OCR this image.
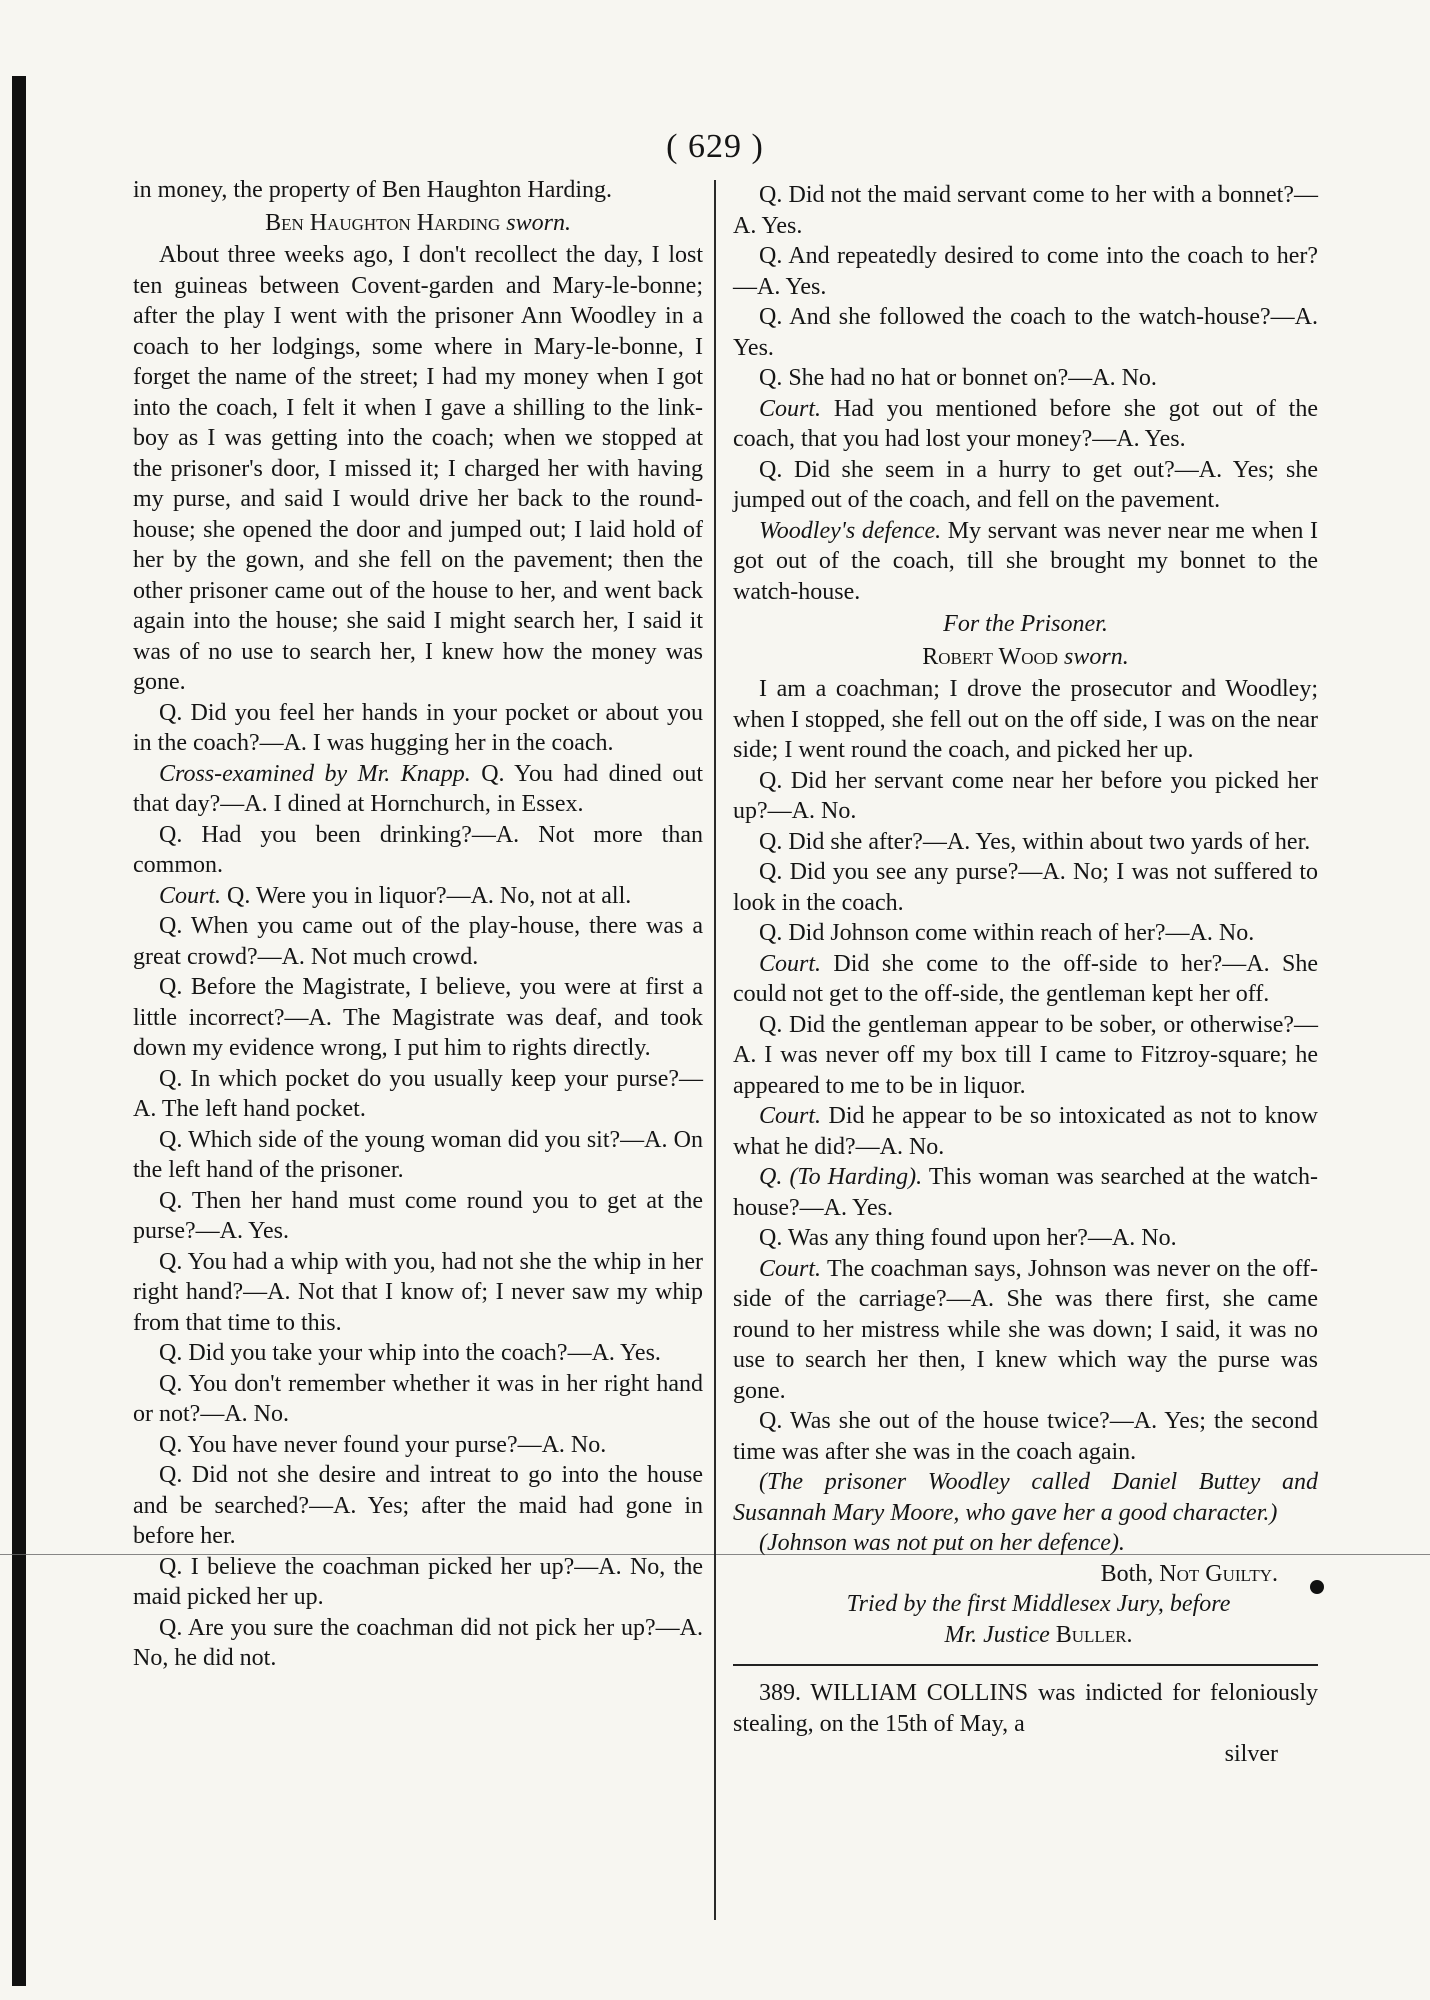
( 629 )

in money, the property of Ben Haughton Harding.

Ben Haughton Harding sworn.

About three weeks ago, I don't recollect the day, I lost ten guineas between Covent-garden and Mary-le-bonne; after the play I went with the prisoner Ann Woodley in a coach to her lodgings, some where in Mary-le-bonne, I forget the name of the street; I had my money when I got into the coach, I felt it when I gave a shilling to the link-boy as I was getting into the coach; when we stopped at the prisoner's door, I missed it; I charged her with having my purse, and said I would drive her back to the round-house; she opened the door and jumped out; I laid hold of her by the gown, and she fell on the pavement; then the other prisoner came out of the house to her, and went back again into the house; she said I might search her, I said it was of no use to search her, I knew how the money was gone.

Q. Did you feel her hands in your pocket or about you in the coach?—A. I was hugging her in the coach.

Cross-examined by Mr. Knapp. Q. You had dined out that day?—A. I dined at Hornchurch, in Essex.

Q. Had you been drinking?—A. Not more than common.

Court. Q. Were you in liquor?—A. No, not at all.

Q. When you came out of the play-house, there was a great crowd?—A. Not much crowd.

Q. Before the Magistrate, I believe, you were at first a little incorrect?—A. The Magistrate was deaf, and took down my evidence wrong, I put him to rights directly.

Q. In which pocket do you usually keep your purse?—A. The left hand pocket.

Q. Which side of the young woman did you sit?—A. On the left hand of the prisoner.

Q. Then her hand must come round you to get at the purse?—A. Yes.

Q. You had a whip with you, had not she the whip in her right hand?—A. Not that I know of; I never saw my whip from that time to this.

Q. Did you take your whip into the coach?—A. Yes.

Q. You don't remember whether it was in her right hand or not?—A. No.

Q. You have never found your purse?—A. No.

Q. Did not she desire and intreat to go into the house and be searched?—A. Yes; after the maid had gone in before her.

Q. I believe the coachman picked her up?—A. No, the maid picked her up.

Q. Are you sure the coachman did not pick her up?—A. No, he did not.

Q. Did not the maid servant come to her with a bonnet?—A. Yes.

Q. And repeatedly desired to come into the coach to her?—A. Yes.

Q. And she followed the coach to the watch-house?—A. Yes.

Q. She had no hat or bonnet on?—A. No.

Court. Had you mentioned before she got out of the coach, that you had lost your money?—A. Yes.

Q. Did she seem in a hurry to get out?—A. Yes; she jumped out of the coach, and fell on the pavement.

Woodley's defence. My servant was never near me when I got out of the coach, till she brought my bonnet to the watch-house.

For the Prisoner.

Robert Wood sworn.

I am a coachman; I drove the prosecutor and Woodley; when I stopped, she fell out on the off side, I was on the near side; I went round the coach, and picked her up.

Q. Did her servant come near her before you picked her up?—A. No.

Q. Did she after?—A. Yes, within about two yards of her.

Q. Did you see any purse?—A. No; I was not suffered to look in the coach.

Q. Did Johnson come within reach of her?—A. No.

Court. Did she come to the off-side to her?—A. She could not get to the off-side, the gentleman kept her off.

Q. Did the gentleman appear to be sober, or otherwise?—A. I was never off my box till I came to Fitzroy-square; he appeared to me to be in liquor.

Court. Did he appear to be so intoxicated as not to know what he did?—A. No.

Q. (To Harding). This woman was searched at the watch-house?—A. Yes.

Q. Was any thing found upon her?—A. No.

Court. The coachman says, Johnson was never on the off-side of the carriage?—A. She was there first, she came round to her mistress while she was down; I said, it was no use to search her then, I knew which way the purse was gone.

Q. Was she out of the house twice?—A. Yes; the second time was after she was in the coach again.

(The prisoner Woodley called Daniel Buttey and Susannah Mary Moore, who gave her a good character.)

(Johnson was not put on her defence).

Both, Not Guilty.

Tried by the first Middlesex Jury, before

Mr. Justice Buller.

389. WILLIAM COLLINS was indicted for feloniously stealing, on the 15th of May, a

silver
